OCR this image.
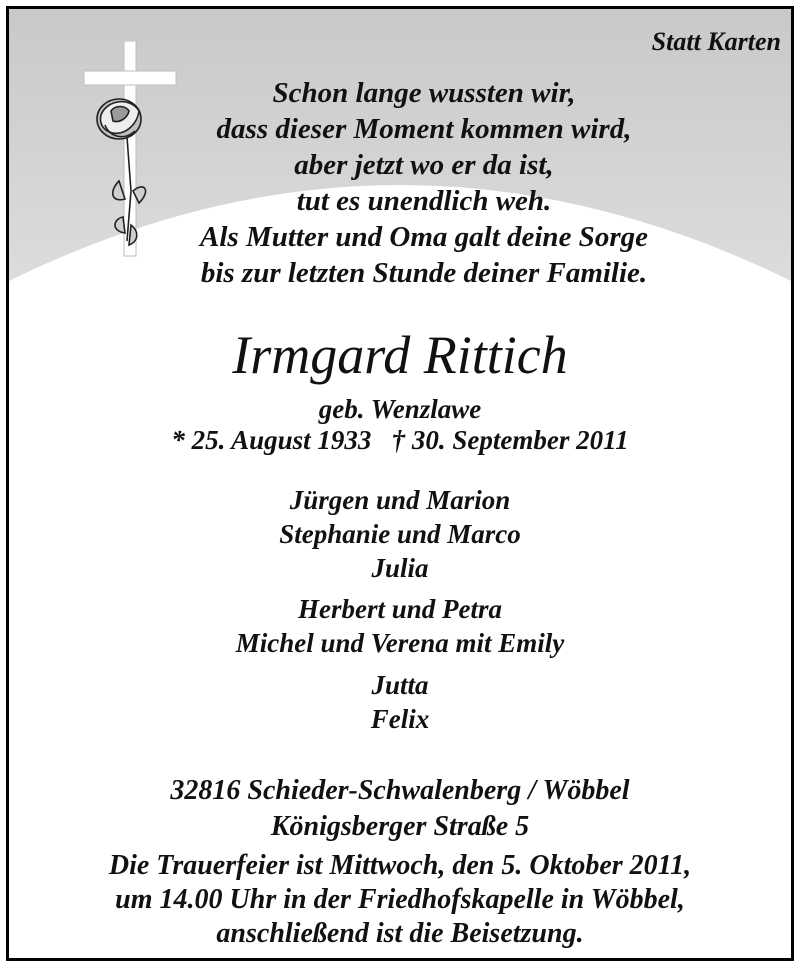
Statt Karten
Schon lange wussten wir,
dass dieser Moment kommen wird,
aber jetzt wo er da ist,
tut es unendlich weh.
Als Mutter und Oma galt deine Sorge
bis zur letzten Stunde deiner Familie.
Irmgard Rittich
geb. Wenzlawe
* 25. August 1933   † 30. September 2011
Jürgen und Marion
Stephanie und Marco
Julia
Herbert und Petra
Michel und Verena mit Emily
Jutta
Felix
32816 Schieder-Schwalenberg / Wöbbel
Königsberger Straße 5
Die Trauerfeier ist Mittwoch, den 5. Oktober 2011,
um 14.00 Uhr in der Friedhofskapelle in Wöbbel,
anschließend ist die Beisetzung.
